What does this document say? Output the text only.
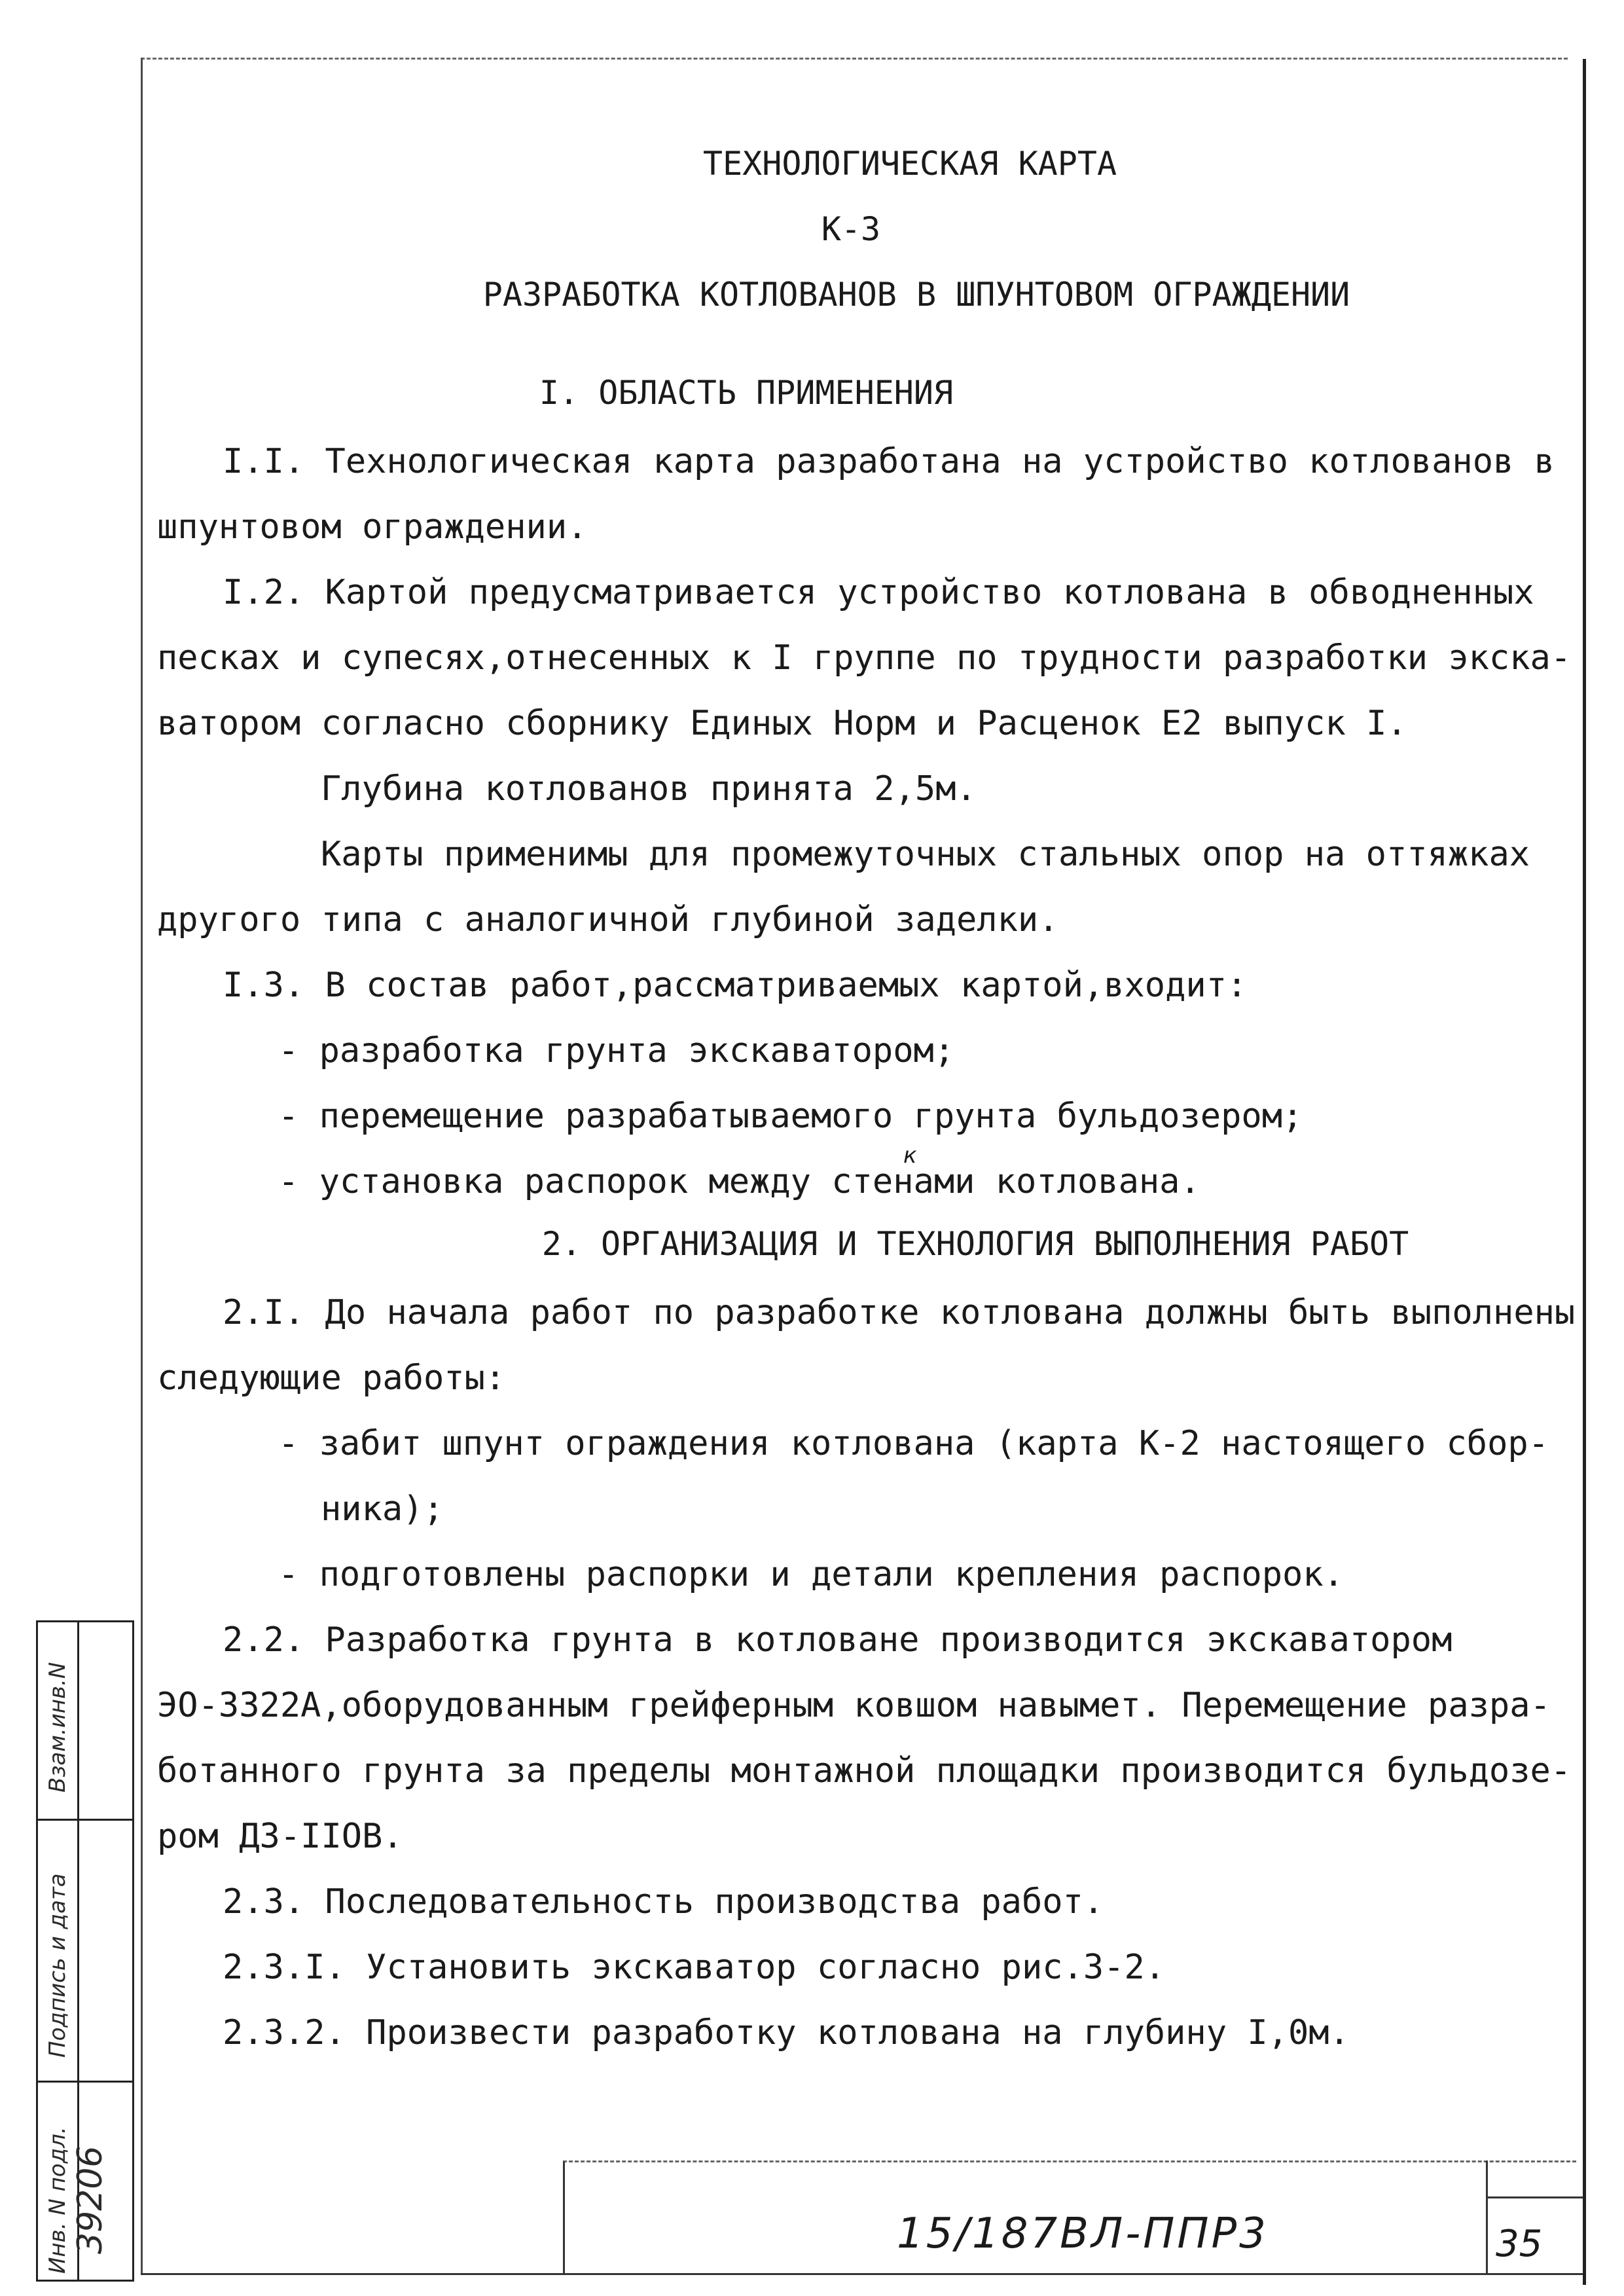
ТЕХНОЛОГИЧЕСКАЯ КАРТА
К-3
РАЗРАБОТКА КОТЛОВАНОВ В ШПУНТОВОМ ОГРАЖДЕНИИ
I. ОБЛАСТЬ ПРИМЕНЕНИЯ
I.I. Технологическая карта разработана на устройство котлованов в
шпунтовом ограждении.
I.2. Картой предусматривается устройство котлована в обводненных
песках и супесях,отнесенных к I группе по трудности разработки экска-
ватором согласно сборнику Единых Норм и Расценок Е2 выпуск I.
Глубина котлованов принята 2,5м.
Карты применимы для промежуточных стальных опор на оттяжках
другого типа с аналогичной глубиной заделки.
I.3. В состав работ,рассматриваемых картой,входит:
- разработка грунта экскаватором;
- перемещение разрабатываемого грунта бульдозером;
к
- установка распорок между стенами котлована.
2. ОРГАНИЗАЦИЯ И ТЕХНОЛОГИЯ ВЫПОЛНЕНИЯ РАБОТ
2.I. До начала работ по разработке котлована должны быть выполнены
следующие работы:
- забит шпунт ограждения котлована (карта К-2 настоящего сбор-
ника);
- подготовлены распорки и детали крепления распорок.
2.2. Разработка грунта в котловане производится экскаватором
ЭО-3322А,оборудованным грейферным ковшом навымет. Перемещение разра-
ботанного грунта за пределы монтажной площадки производится бульдозе-
ром ДЗ-IIOВ.
2.3. Последовательность производства работ.
2.3.I. Установить экскаватор согласно рис.3-2.
2.3.2. Произвести разработку котлована на глубину I,0м.
Взам.инв.N
Подпись и дата
Инв. N подл. 39206	15/187ВЛ-ППР3	35
